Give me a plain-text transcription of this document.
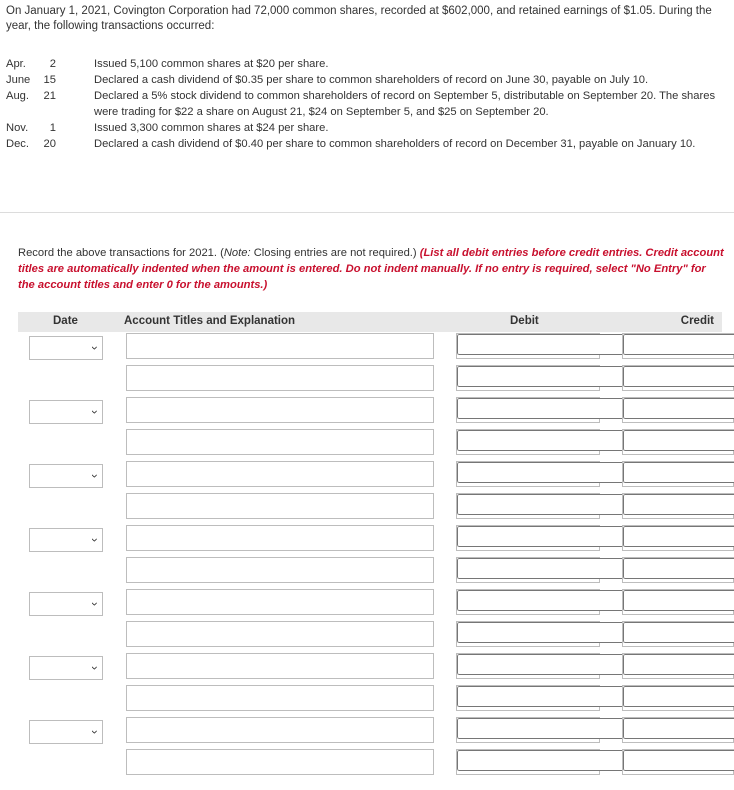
On January 1, 2021, Covington Corporation had 72,000 common shares, recorded at $602,000, and retained earnings of $1.05. During the year, the following transactions occurred:
Apr.	2	Issued 5,100 common shares at $20 per share.
June	15	Declared a cash dividend of $0.35 per share to common shareholders of record on June 30, payable on July 10.
Aug.	21	Declared a 5% stock dividend to common shareholders of record on September 5, distributable on September 20. The shares were trading for $22 a share on August 21, $24 on September 5, and $25 on September 20.
Nov.	1	Issued 3,300 common shares at $24 per share.
Dec.	20	Declared a cash dividend of $0.40 per share to common shareholders of record on December 31, payable on January 10.
Record the above transactions for 2021. (Note: Closing entries are not required.) (List all debit entries before credit entries. Credit account titles are automatically indented when the amount is entered. Do not indent manually. If no entry is required, select "No Entry" for the account titles and enter 0 for the amounts.)
Date	Account Titles and Explanation	Debit	Credit
›
›
›
›
›
›
›
